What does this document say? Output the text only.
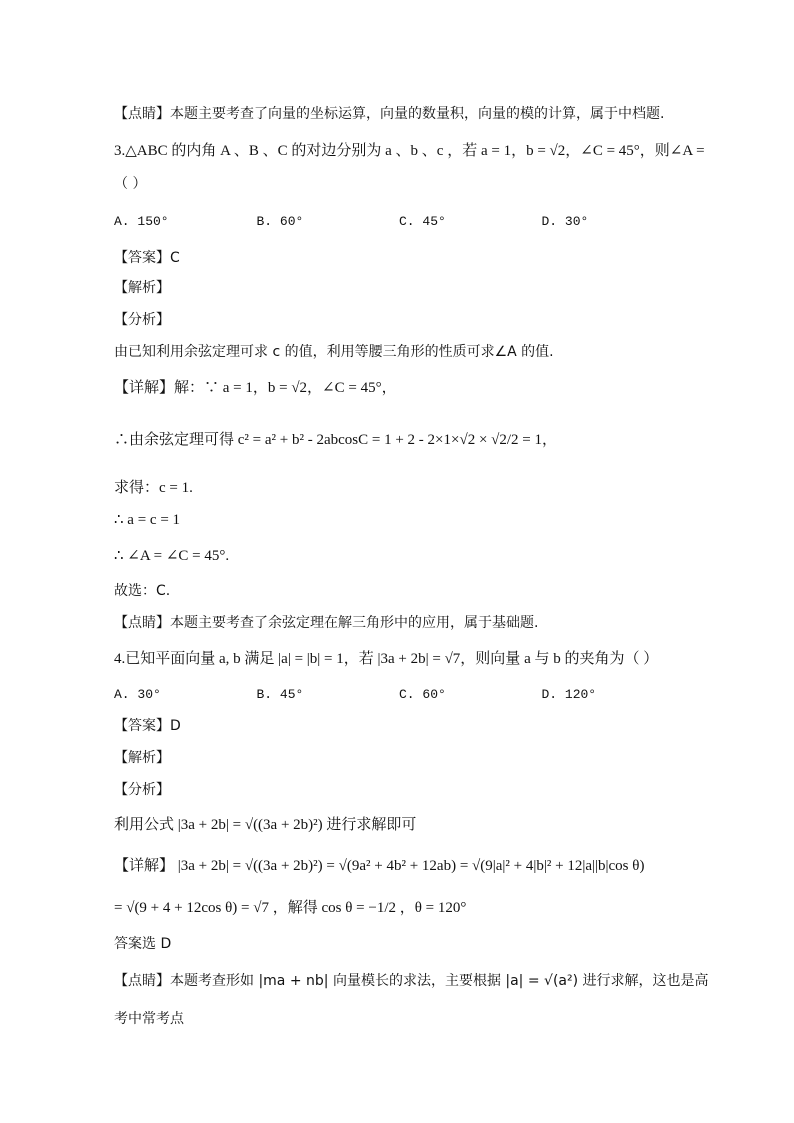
【点睛】本题主要考查了向量的坐标运算，向量的数量积，向量的模的计算，属于中档题.
3.△ABC 的内角 A 、B 、C 的对边分别为 a 、b 、c ，若 a = 1，b = √2，∠C = 45°，则∠A =
（ ）
A. 150°	B. 60°	C. 45°	D. 30°
【答案】C
【解析】
【分析】
由已知利用余弦定理可求 c 的值，利用等腰三角形的性质可求∠A 的值.
【详解】解：∵ a = 1，b = √2，∠C = 45°，
∴由余弦定理可得 c² = a² + b² - 2abcosC = 1 + 2 - 2×1×√2 × √2/2 = 1，
求得：c = 1.
∴ a = c = 1
∴ ∠A = ∠C = 45°.
故选：C.
【点睛】本题主要考查了余弦定理在解三角形中的应用，属于基础题.
4.已知平面向量 a, b 满足 |a| = |b| = 1，若 |3a + 2b| = √7，则向量 a 与 b 的夹角为（ ）
A. 30°	B. 45°	C. 60°	D. 120°
【答案】D
【解析】
【分析】
利用公式 |3a + 2b| = √((3a + 2b)²) 进行求解即可
【详解】 |3a + 2b| = √((3a + 2b)²) = √(9a² + 4b² + 12ab) = √(9|a|² + 4|b|² + 12|a||b|cos θ)
= √(9 + 4 + 12cos θ) = √7 ，解得 cos θ = −1/2 ，θ = 120°
答案选 D
【点睛】本题考查形如 |ma + nb| 向量模长的求法，主要根据 |a| = √(a²) 进行求解，这也是高
考中常考点
